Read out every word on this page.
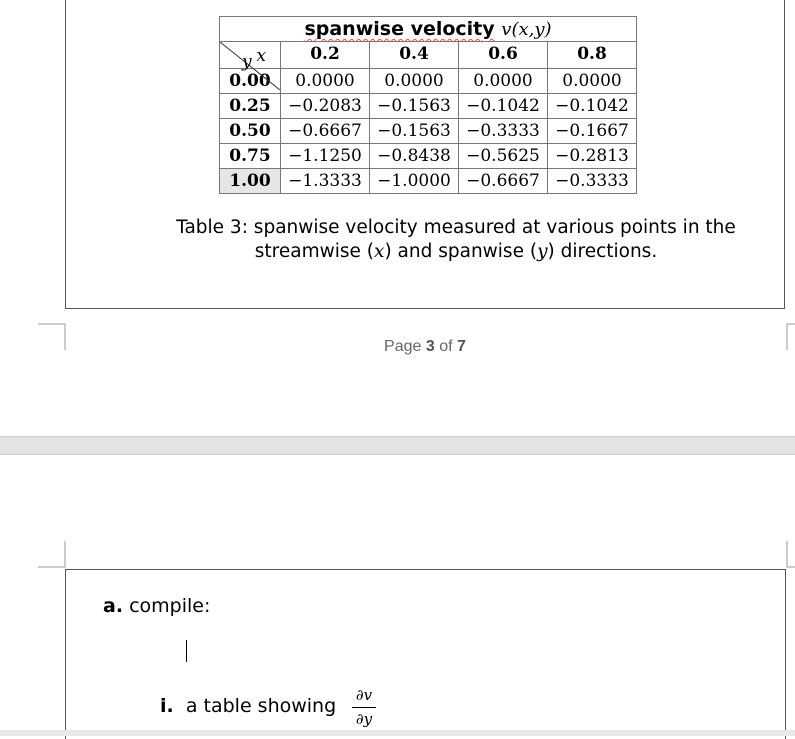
spanwise velocity v(x,y)				

x
y	0.2	0.4	0.6	0.8
0.00	0.0000	0.0000	0.0000	0.0000
0.25	−0.2083	−0.1563	−0.1042	−0.1042
0.50	−0.6667	−0.1563	−0.3333	−0.1667
0.75	−1.1250	−0.8438	−0.5625	−0.2813
1.00	−1.3333	−1.0000	−0.6667	−0.3333
Table 3: spanwise velocity measured at various points in the
streamwise (x) and spanwise (y) directions.
Page 3 of 7
a. compile:
i. a table showing ∂v
∂y
